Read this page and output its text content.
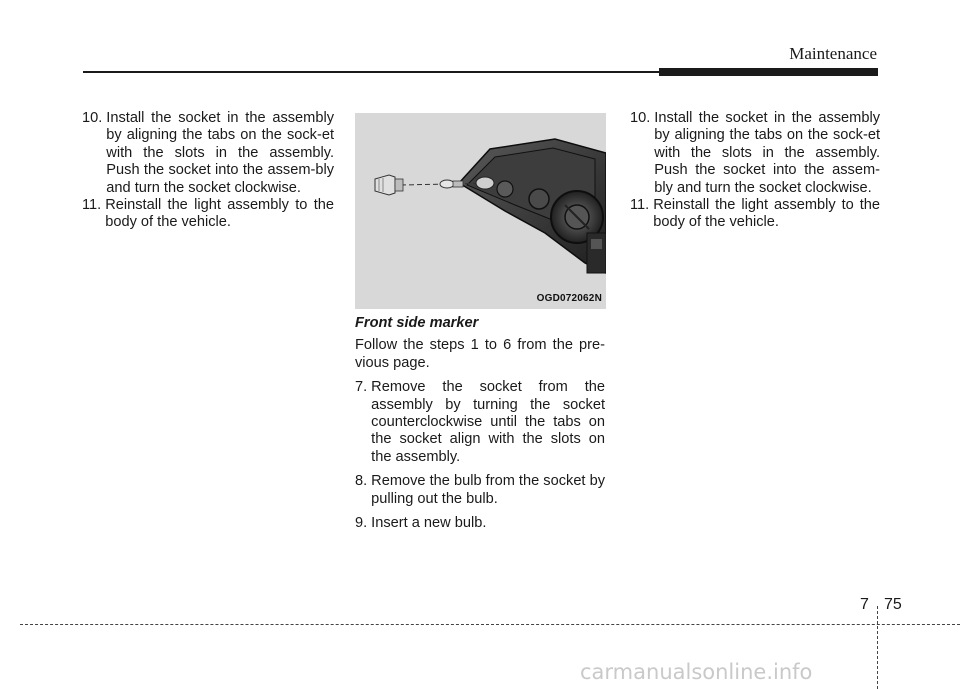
Maintenance
10. Install the socket in the assembly by aligning the tabs on the sock-et with the slots in the assembly. Push the socket into the assem-bly and turn the socket clockwise.
11. Reinstall the light assembly to the body of the vehicle.
OGD072062N

Front side marker

Follow the steps 1 to 6 from the pre-vious page.

7. Remove the socket from the assembly by turning the socket counterclockwise until the tabs on the socket align with the slots on the assembly.
8. Remove the bulb from the socket by pulling out the bulb.
9. Insert a new bulb.
10. Install the socket in the assembly by aligning the tabs on the sock-et with the slots in the assembly. Push the socket into the assem-bly and turn the socket clockwise.
11. Reinstall the light assembly to the body of the vehicle.
7 75
carmanualsonline.info
